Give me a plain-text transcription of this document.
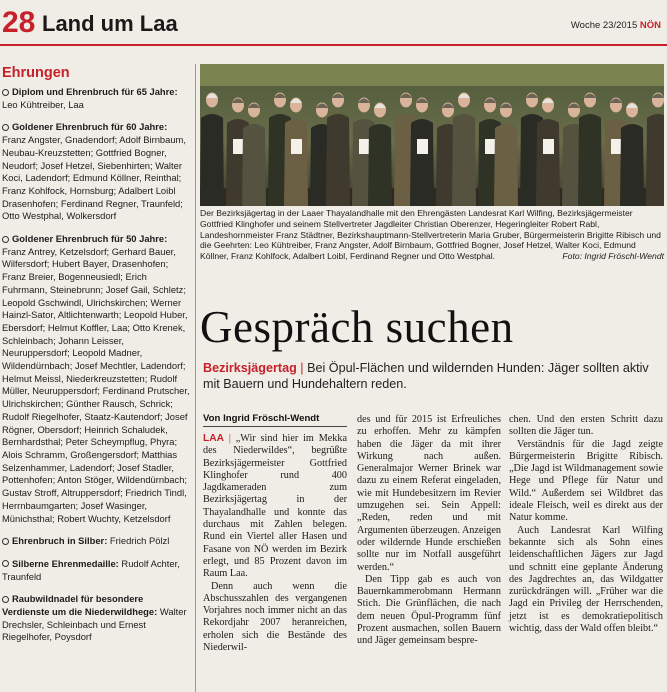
28 Land um Laa	Woche 23/2015 NÖN
Ehrungen
Diplom und Ehrenbruch für 65 Jahre: Leo Kühtreiber, Laa
Goldener Ehrenbruch für 60 Jahre: Franz Angster, Gnadendorf; Adolf Birnbaum, Neubau-Kreuzstetten; Gottfried Bogner, Neudorf; Josef Hetzel, Siebenhirten; Walter Koci, Ladendorf; Edmund Köllner, Reinthal; Franz Kohlfock, Hornsburg; Adalbert Loibl Drasenhofen; Ferdinand Regner, Traunfeld; Otto Westphal, Wolkersdorf
Goldener Ehrenbruch für 50 Jahre: Franz Antrey, Ketzelsdorf; Gerhard Bauer, Wilfersdorf; Hubert Bayer, Drasenhofen; Franz Breier, Bogenneusiedl; Erich Fuhrmann, Steinebrunn; Josef Gail, Schletz; Leopold Gschwindl, Ulrichskirchen; Werner Hainzl-Sator, Altlichtenwarth; Leopold Huber, Ebersdorf; Helmut Koffler, Laa; Otto Krenek, Schleinbach; Johann Leisser, Neuruppersdorf; Leopold Madner, Wildendürnbach; Josef Mechtler, Ladendorf; Helmut Meissl, Niederkreuzstetten; Rudolf Müller, Neuruppersdorf; Ferdinand Prutscher, Ulrichskirchen; Günther Rausch, Schrick; Rudolf Riegelhofer, Staatz-Kautendorf; Josef Rögner, Obersdorf; Heinrich Schaludek, Bernhardsthal; Peter Scheympflug, Phyra; Alois Schramm, Großengersdorf; Matthias Selzenhammer, Ladendorf; Josef Stadler, Pottenhofen; Anton Stöger, Wildendürnbach; Gustav Stroff, Altruppersdorf; Friedrich Tindl, Herrnbaumgarten; Josef Wasinger, Münichsthal; Robert Wuchty, Ketzelsdorf
Ehrenbruch in Silber: Friedrich Pölzl
Silberne Ehrenmedaille: Rudolf Achter, Traunfeld
Raubwildnadel für besondere Verdienste um die Niederwildhege: Walter Drechsler, Schleinbach und Ernest Riegelhofer, Poysdorf
Der Bezirksjägertag in der Laaer Thayalandhalle mit den Ehrengästen Landesrat Karl Wilfing, Bezirksjägermeister Gottfried Klinghofer und seinem Stellvertreter Jagdleiter Christian Oberenzer, Hegeringleiter Robert Rabl, Landeshornmeister Franz Städtner, Bezirkshauptmann-Stellvertreterin Maria Gruber, Bürgermeisterin Brigitte Ribisch und die Geehrten: Leo Kühtreiber, Franz Angster, Adolf Birnbaum, Gottfried Bogner, Josef Hetzel, Walter Koci, Edmund Köllner, Franz Kohlfock, Adalbert Loibl, Ferdinand Regner und Otto Westphal.	Foto: Ingrid Fröschl-Wendt
Gespräch suchen
Bezirksjägertag | Bei Öpul-Flächen und wildernden Hunden: Jäger sollten aktiv mit Bauern und Hundehaltern reden.
Von Ingrid Fröschl-Wendt

LAA | „Wir sind hier im Mekka des Niederwildes“, begrüßte Bezirksjägermeister Gottfried Klinghofer rund 400 Jagdkameraden zum Bezirksjägertag in der Thayalandhalle und konnte das durchaus mit Zahlen belegen. Rund ein Viertel aller Hasen und Fasane von NÖ werden im Bezirk erlegt, und 85 Prozent davon im Raum Laa.

Denn auch wenn die Abschusszahlen des vergangenen Vorjahres noch immer nicht an das Rekordjahr 2007 heranreichen, erholen sich die Bestände des Niederwil-

des und für 2015 ist Erfreuliches zu erhoffen. Mehr zu kämpfen haben die Jäger da mit ihrer Wirkung nach außen. Generalmajor Werner Brinek war dazu zu einem Referat eingeladen, wie mit Hundebesitzern im Revier umzugehen sei. Sein Appell: „Reden, reden und mit Argumenten überzeugen. Anzeigen oder wildernde Hunde erschießen sollte nur im Notfall ausgeführt werden.“

Den Tipp gab es auch von Bauernkammerobmann Hermann Stich. Die Grünflächen, die nach dem neuen Öpul-Programm fünf Prozent ausmachen, sollen Bauern und Jäger gemeinsam bespre-

chen. Und den ersten Schritt dazu sollten die Jäger tun.

Verständnis für die Jagd zeigte Bürgermeisterin Brigitte Ribisch. „Die Jagd ist Wildmanagement sowie Hege und Pflege für Natur und Wild.“ Außerdem sei Wildbret das ideale Fleisch, weil es direkt aus der Natur komme.

Auch Landesrat Karl Wilfing bekannte sich als Sohn eines leidenschaftlichen Jägers zur Jagd und schnitt eine geplante Änderung des Jagdrechtes an, das Wildgatter zurückdrängen will. „Früher war die Jagd ein Privileg der Herrschenden, jetzt ist es demokratiepolitisch wichtig, dass der Wald offen bleibt.“
